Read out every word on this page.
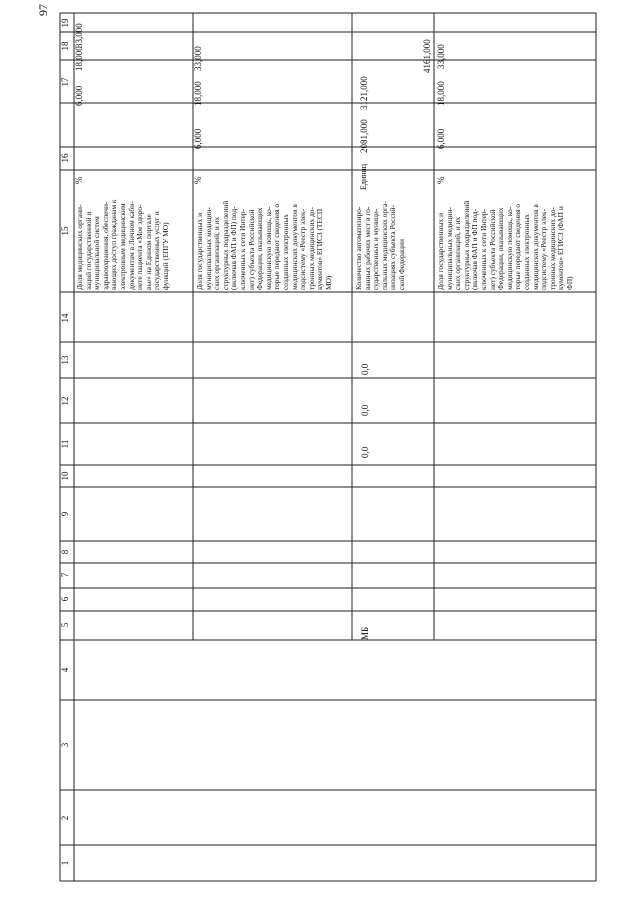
97
19
18
17
16
15
14
13
12
11
10
9
8
7
6
5
4
3
2
1
33,000
18,000
6,000
%
Доля медицинских органи- заций государственной и муниципальной систем здравоохранения, обеспечи- вающих доступ гражданам к электронным медицинским документам в Личном каби- нете пациента «Мое здоро- вье» на Едином портале государственных услуг и функций (ЕПГУ МО)
33,000
18,000
6,000
%
Доля государственных и муниципальных медицин- ских организаций, и их структурных подразделений (включая ФАП и ФП) под- ключенных к сети Интер- нет) субъекта Российской Федерации, оказывающих медицинскую помощь, ко- торые передают сведения о созданных электронных медицинских документов в подсистему «Реестр элек- тронных медицинских до- кументов» ЕГИСЗ (ТЕСП МО)
4161,000
3121,000
2081,000
Единиц
Количество автоматизиро- ванных рабочих мест в го- сударственных и муници- пальных медицинских орга- низациях субъекта Россий- ской Федерации
0,0
0,0
0,0
МБ
33,000
18,000
6,000
%
Доля государственных и муниципальных медицин- ских организаций, и их структурных подразделений (включая ФАП и ФП под- ключенных к сети Интер- нет) субъекта Российской Федерации, оказывающих медицинскую помощь, ко- торые передают сведения о созданных электронных медицинских документов в подсистему «Реестр элек- тронных медицинских до- кументов» ЕГИСЗ (ФАП и ФП)
